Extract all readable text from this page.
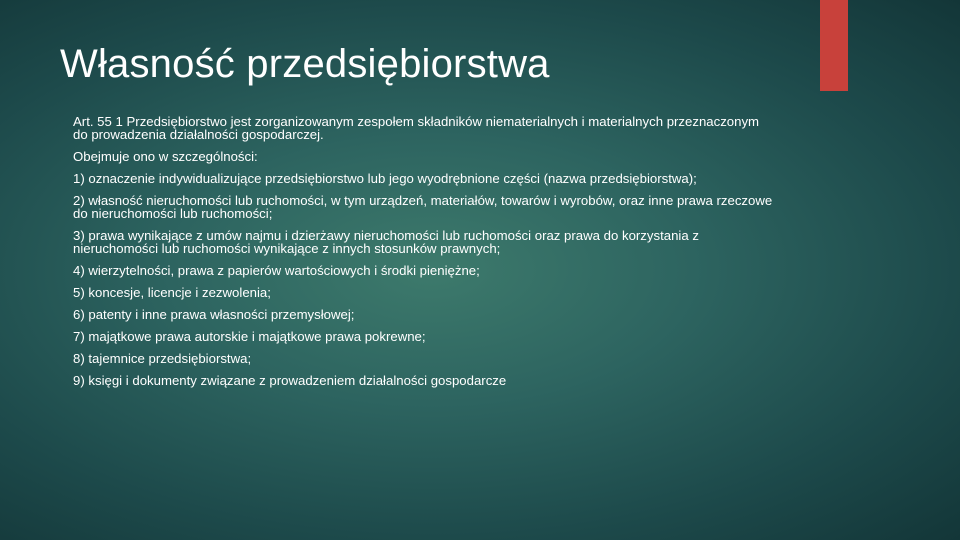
Własność przedsiębiorstwa

Art. 55 1 Przedsiębiorstwo jest zorganizowanym zespołem składników niematerialnych i materialnych przeznaczonym do prowadzenia działalności gospodarczej.

Obejmuje ono w szczególności:

1) oznaczenie indywidualizujące przedsiębiorstwo lub jego wyodrębnione części (nazwa przedsiębiorstwa);

2) własność nieruchomości lub ruchomości, w tym urządzeń, materiałów, towarów i wyrobów, oraz inne prawa rzeczowe do nieruchomości lub ruchomości;

3) prawa wynikające z umów najmu i dzierżawy nieruchomości lub ruchomości oraz prawa do korzystania z nieruchomości lub ruchomości wynikające z innych stosunków prawnych;

4) wierzytelności, prawa z papierów wartościowych i środki pieniężne;

5) koncesje, licencje i zezwolenia;

6) patenty i inne prawa własności przemysłowej;

7) majątkowe prawa autorskie i majątkowe prawa pokrewne;

8) tajemnice przedsiębiorstwa;

9) księgi i dokumenty związane z prowadzeniem działalności gospodarcze
